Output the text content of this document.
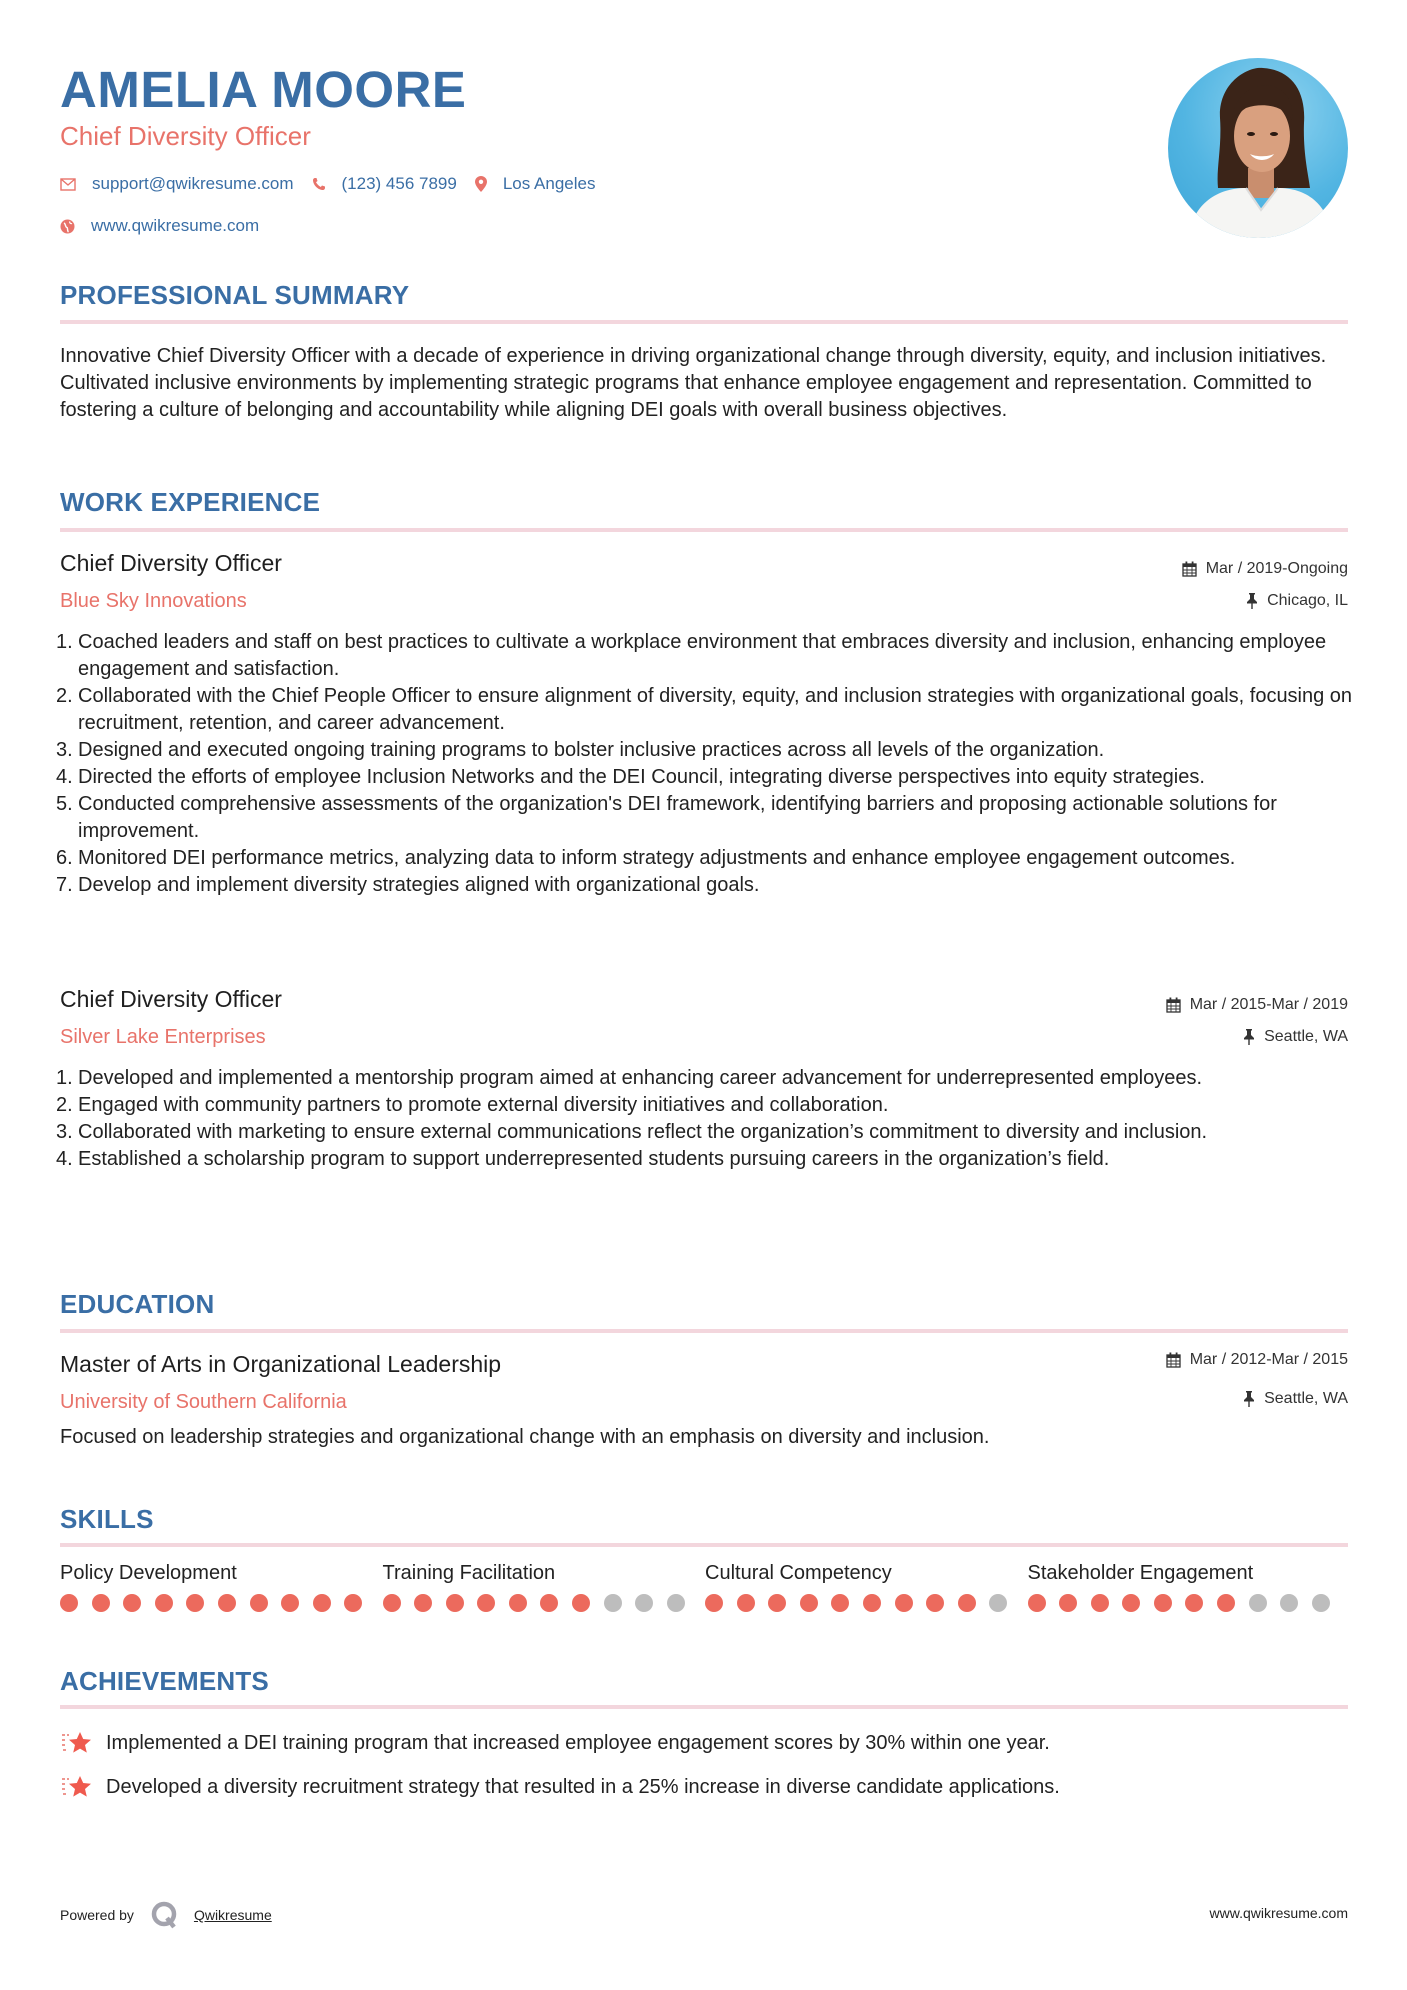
AMELIA MOORE
Chief Diversity Officer
support@qwikresume.com	(123) 456 7899	Los Angeles
www.qwikresume.com
PROFESSIONAL SUMMARY
Innovative Chief Diversity Officer with a decade of experience in driving organizational change through diversity, equity, and inclusion initiatives. Cultivated inclusive environments by implementing strategic programs that enhance employee engagement and representation. Committed to fostering a culture of belonging and accountability while aligning DEI goals with overall business objectives.
WORK EXPERIENCE
Chief Diversity Officer
Blue Sky Innovations
Mar / 2019-Ongoing
Chicago, IL
1. Coached leaders and staff on best practices to cultivate a workplace environment that embraces diversity and inclusion, enhancing employee engagement and satisfaction.
2. Collaborated with the Chief People Officer to ensure alignment of diversity, equity, and inclusion strategies with organizational goals, focusing on recruitment, retention, and career advancement.
3. Designed and executed ongoing training programs to bolster inclusive practices across all levels of the organization.
4. Directed the efforts of employee Inclusion Networks and the DEI Council, integrating diverse perspectives into equity strategies.
5. Conducted comprehensive assessments of the organization's DEI framework, identifying barriers and proposing actionable solutions for improvement.
6. Monitored DEI performance metrics, analyzing data to inform strategy adjustments and enhance employee engagement outcomes.
7. Develop and implement diversity strategies aligned with organizational goals.
Chief Diversity Officer
Silver Lake Enterprises
Mar / 2015-Mar / 2019
Seattle, WA
1. Developed and implemented a mentorship program aimed at enhancing career advancement for underrepresented employees.
2. Engaged with community partners to promote external diversity initiatives and collaboration.
3. Collaborated with marketing to ensure external communications reflect the organization’s commitment to diversity and inclusion.
4. Established a scholarship program to support underrepresented students pursuing careers in the organization’s field.
EDUCATION
Master of Arts in Organizational Leadership
University of Southern California
Mar / 2012-Mar / 2015
Seattle, WA
Focused on leadership strategies and organizational change with an emphasis on diversity and inclusion.
SKILLS
Policy Development	Training Facilitation	Cultural Competency	Stakeholder Engagement
ACHIEVEMENTS
Implemented a DEI training program that increased employee engagement scores by 30% within one year.
Developed a diversity recruitment strategy that resulted in a 25% increase in diverse candidate applications.
Powered by	Qwikresume	www.qwikresume.com
